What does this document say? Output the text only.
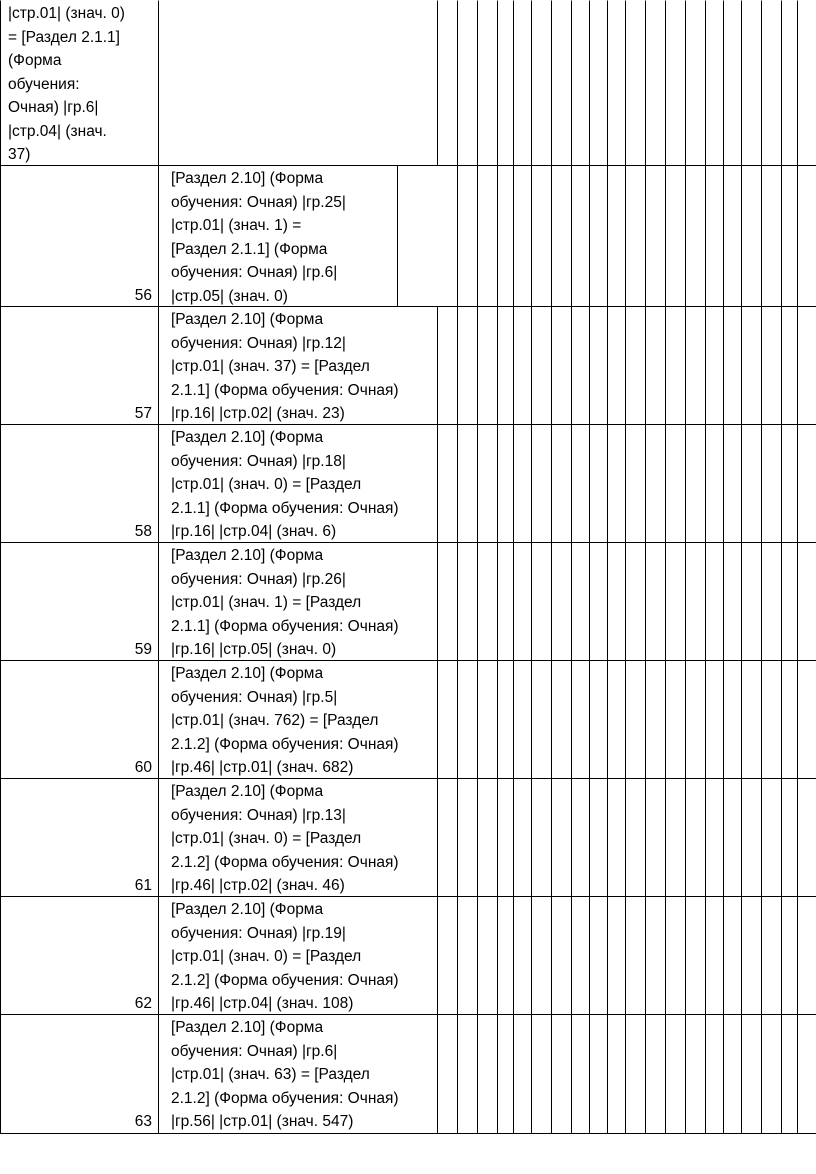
|стр.01| (знач. 0)
= [Раздел 2.1.1]
(Форма
обучения:
Очная) |гр.6|
|стр.04| (знач.
37)
56
[Раздел 2.10] (Форма
обучения: Очная) |гр.25|
|стр.01| (знач. 1) =
[Раздел 2.1.1] (Форма
обучения: Очная) |гр.6|
|стр.05| (знач. 0)
57
[Раздел 2.10] (Форма
обучения: Очная) |гр.12|
|стр.01| (знач. 37) = [Раздел
2.1.1] (Форма обучения: Очная)
|гр.16| |стр.02| (знач. 23)
58
[Раздел 2.10] (Форма
обучения: Очная) |гр.18|
|стр.01| (знач. 0) = [Раздел
2.1.1] (Форма обучения: Очная)
|гр.16| |стр.04| (знач. 6)
59
[Раздел 2.10] (Форма
обучения: Очная) |гр.26|
|стр.01| (знач. 1) = [Раздел
2.1.1] (Форма обучения: Очная)
|гр.16| |стр.05| (знач. 0)
60
[Раздел 2.10] (Форма
обучения: Очная) |гр.5|
|стр.01| (знач. 762) = [Раздел
2.1.2] (Форма обучения: Очная)
|гр.46| |стр.01| (знач. 682)
61
[Раздел 2.10] (Форма
обучения: Очная) |гр.13|
|стр.01| (знач. 0) = [Раздел
2.1.2] (Форма обучения: Очная)
|гр.46| |стр.02| (знач. 46)
62
[Раздел 2.10] (Форма
обучения: Очная) |гр.19|
|стр.01| (знач. 0) = [Раздел
2.1.2] (Форма обучения: Очная)
|гр.46| |стр.04| (знач. 108)
63
[Раздел 2.10] (Форма
обучения: Очная) |гр.6|
|стр.01| (знач. 63) = [Раздел
2.1.2] (Форма обучения: Очная)
|гр.56| |стр.01| (знач. 547)
